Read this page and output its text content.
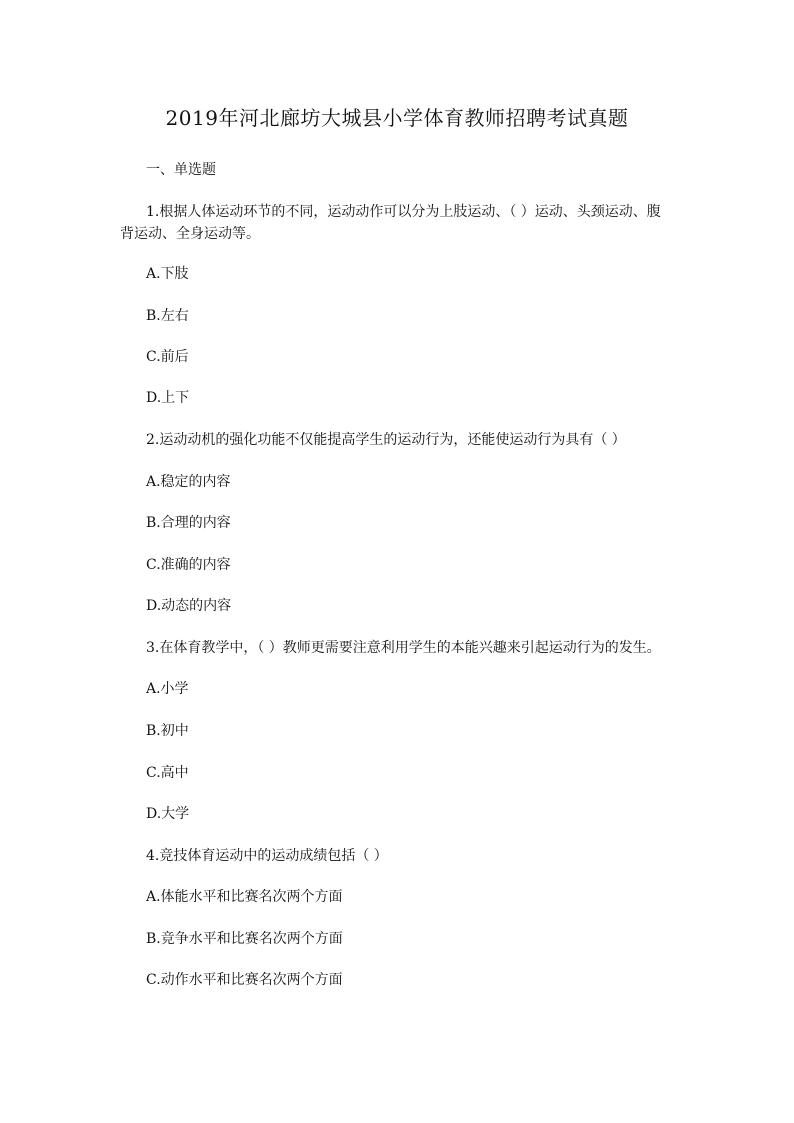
2019年河北廊坊大城县小学体育教师招聘考试真题
一、单选题
1.根据人体运动环节的不同，运动动作可以分为上肢运动、（ ）运动、头颈运动、腹
背运动、全身运动等。
A.下肢
B.左右
C.前后
D.上下
2.运动动机的强化功能不仅能提高学生的运动行为，还能使运动行为具有（ ）
A.稳定的内容
B.合理的内容
C.准确的内容
D.动态的内容
3.在体育教学中，（ ）教师更需要注意利用学生的本能兴趣来引起运动行为的发生。
A.小学
B.初中
C.高中
D.大学
4.竞技体育运动中的运动成绩包括（ ）
A.体能水平和比赛名次两个方面
B.竞争水平和比赛名次两个方面
C.动作水平和比赛名次两个方面
